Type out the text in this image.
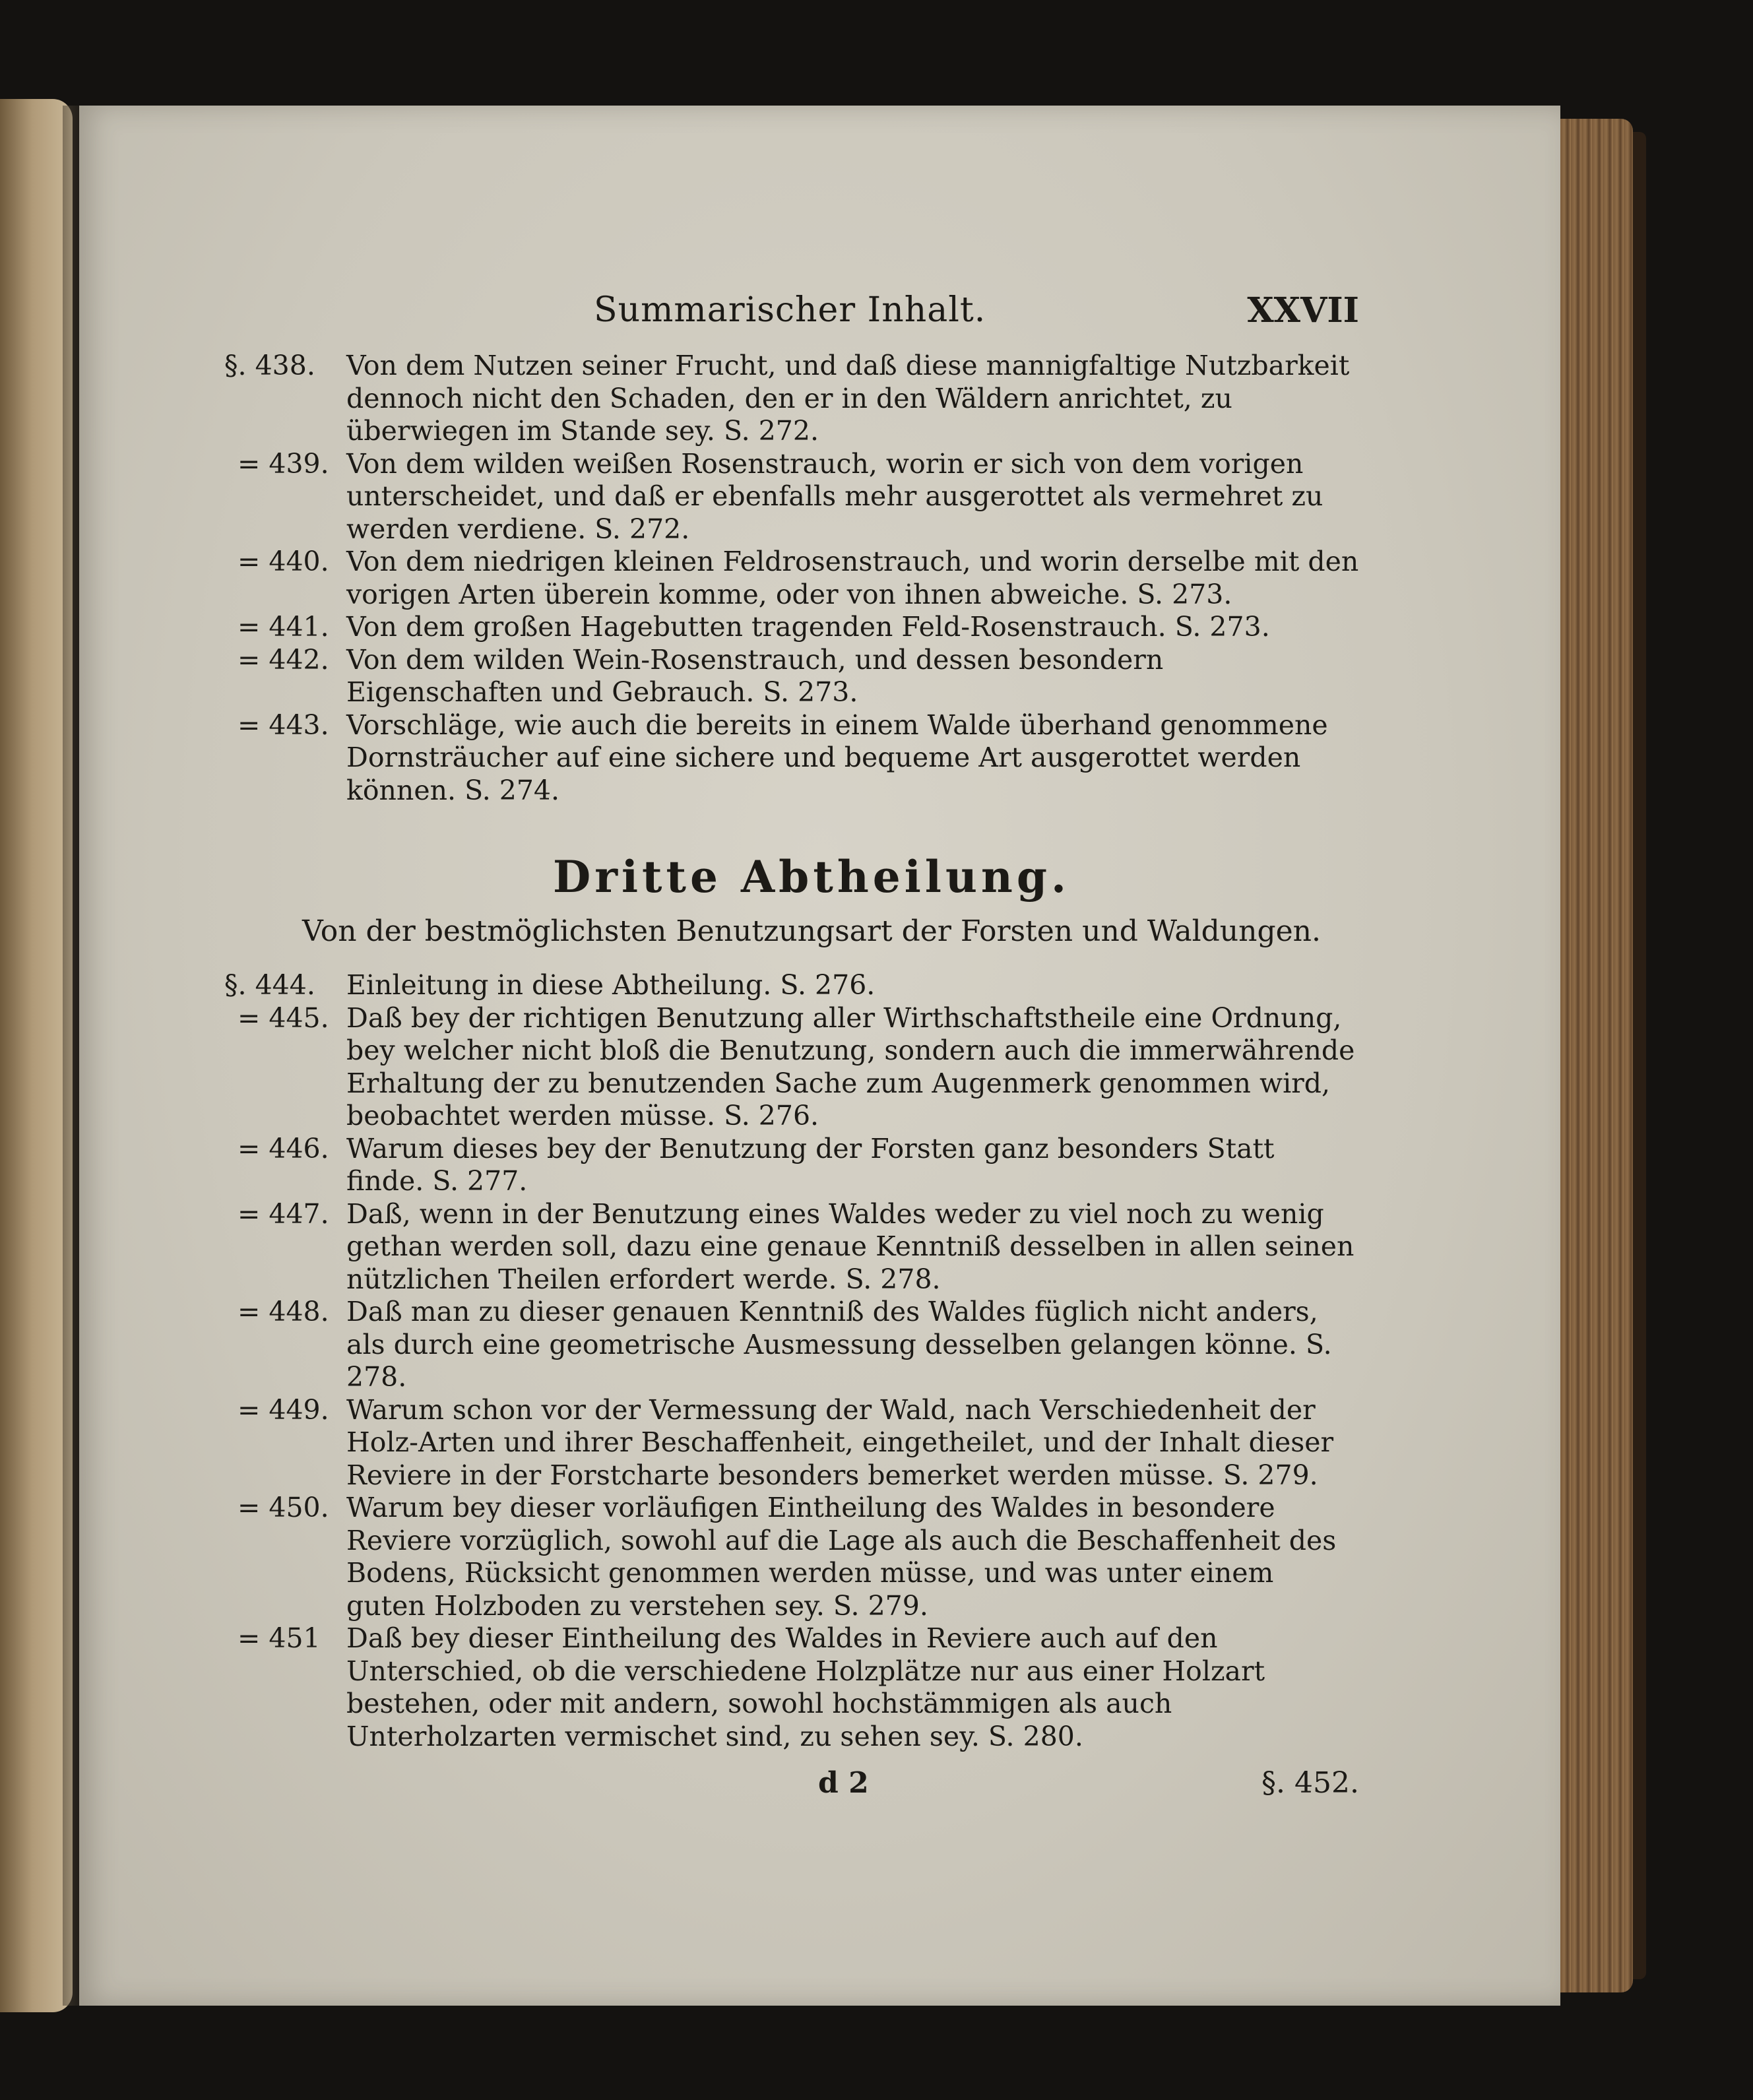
Summarischer Inhalt.	XXVII
§. 438.	Von dem Nutzen seiner Frucht, und daß diese mannigfaltige Nutzbarkeit dennoch nicht den Schaden, den er in den Wäldern anrichtet, zu überwiegen im Stande sey. S. 272.
= 439. Von dem wilden weißen Rosenstrauch, worin er sich von dem vorigen unterscheidet, und daß er ebenfalls mehr ausgerottet als vermehret zu werden verdiene. S. 272.
= 440. Von dem niedrigen kleinen Feldrosenstrauch, und worin derselbe mit den vorigen Arten überein komme, oder von ihnen abweiche. S. 273.
= 441. Von dem großen Hagebutten tragenden Feld-Rosenstrauch. S. 273.
= 442. Von dem wilden Wein-Rosenstrauch, und dessen besondern Eigenschaften und Gebrauch. S. 273.
= 443. Vorschläge, wie auch die bereits in einem Walde überhand genommene Dornsträucher auf eine sichere und bequeme Art ausgerottet werden können. S. 274.
Dritte Abtheilung.
Von der bestmöglichsten Benutzungsart der Forsten und Waldungen.
§. 444.	Einleitung in diese Abtheilung. S. 276.
= 445. Daß bey der richtigen Benutzung aller Wirthschaftstheile eine Ordnung, bey welcher nicht bloß die Benutzung, sondern auch die immerwährende Erhaltung der zu benutzenden Sache zum Augenmerk genommen wird, beobachtet werden müsse. S. 276.
= 446. Warum dieses bey der Benutzung der Forsten ganz besonders Statt finde. S. 277.
= 447. Daß, wenn in der Benutzung eines Waldes weder zu viel noch zu wenig gethan werden soll, dazu eine genaue Kenntniß desselben in allen seinen nützlichen Theilen erfordert werde. S. 278.
= 448. Daß man zu dieser genauen Kenntniß des Waldes füglich nicht anders, als durch eine geometrische Ausmessung desselben gelangen könne. S. 278.
= 449. Warum schon vor der Vermessung der Wald, nach Verschiedenheit der Holz-Arten und ihrer Beschaffenheit, eingetheilet, und der Inhalt dieser Reviere in der Forstcharte besonders bemerket werden müsse. S. 279.
= 450. Warum bey dieser vorläufigen Eintheilung des Waldes in besondere Reviere vorzüglich, sowohl auf die Lage als auch die Beschaffenheit des Bodens, Rücksicht genommen werden müsse, und was unter einem guten Holzboden zu verstehen sey. S. 279.
= 451 Daß bey dieser Eintheilung des Waldes in Reviere auch auf den Unterschied, ob die verschiedene Holzplätze nur aus einer Holzart bestehen, oder mit andern, sowohl hochstämmigen als auch Unterholzarten vermischet sind, zu sehen sey. S. 280.
d 2	§. 452.
